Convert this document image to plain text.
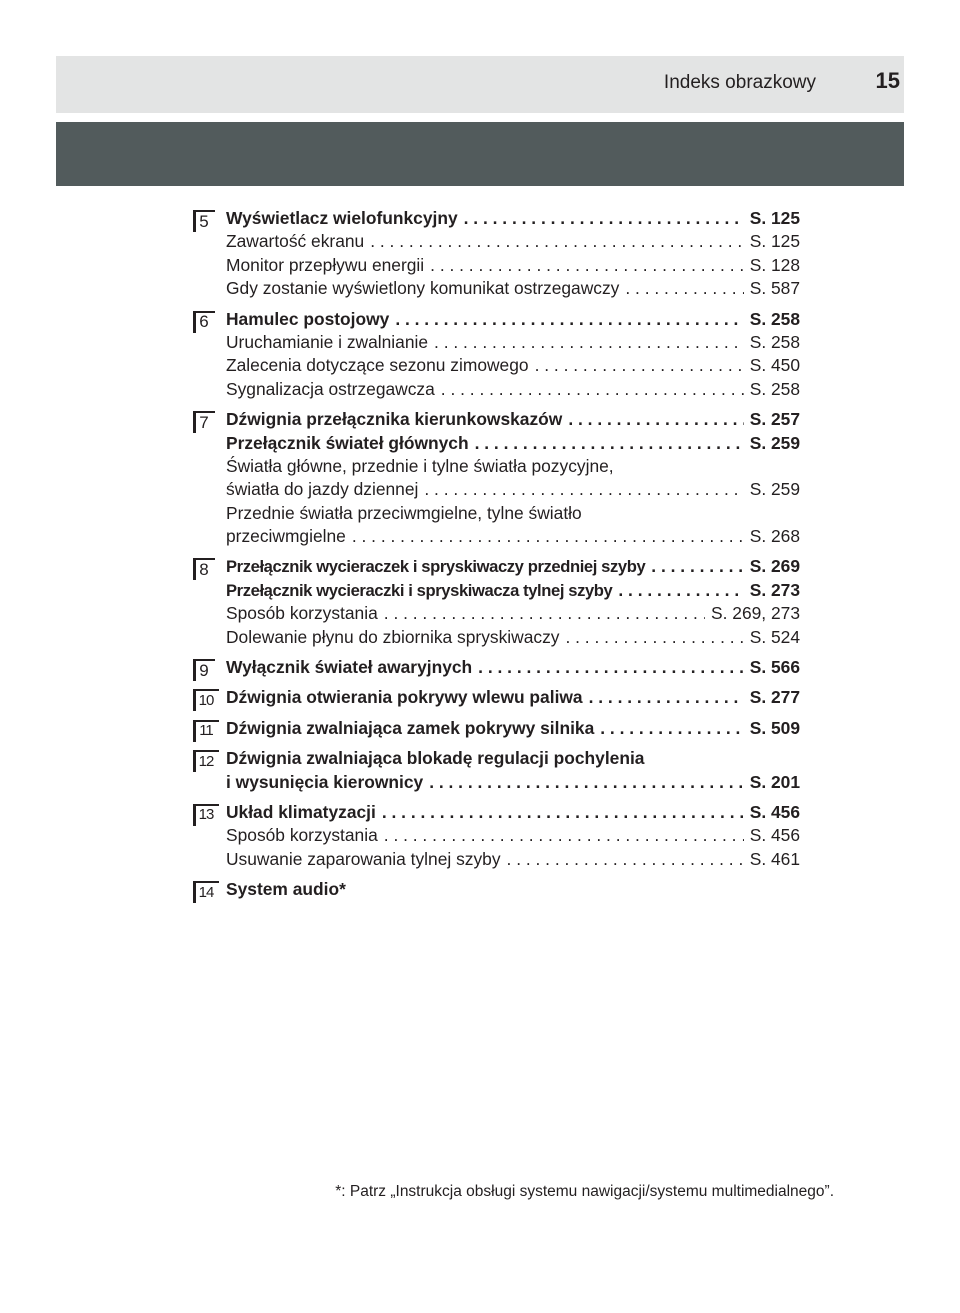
Indeks obrazkowy	15
5 Wyświetlacz wielofunkcyjny . . .	S. 125
Zawartość ekranu . . .	S. 125
Monitor przepływu energii . . .	S. 128
Gdy zostanie wyświetlony komunikat ostrzegawczy . . .	S. 587
6 Hamulec postojowy . . .	S. 258
Uruchamianie i zwalnianie . . .	S. 258
Zalecenia dotyczące sezonu zimowego . . .	S. 450
Sygnalizacja ostrzegawcza . . .	S. 258
7 Dźwignia przełącznika kierunkowskazów . . .	S. 257
Przełącznik świateł głównych . . .	S. 259
Światła główne, przednie i tylne światła pozycyjne,
światła do jazdy dziennej . . .	S. 259
Przednie światła przeciwmgielne, tylne światło
przeciwmgielne . . .	S. 268
8	Przełącznik wycieraczek i spryskiwaczy przedniej szyby . . .	S. 269
Przełącznik wycieraczki i spryskiwacza tylnej szyby . . .	S. 273
Sposób korzystania . . .	S. 269, 273
Dolewanie płynu do zbiornika spryskiwaczy . . .	S. 524
9 Wyłącznik świateł awaryjnych . . .	S. 566
10 Dźwignia otwierania pokrywy wlewu paliwa . . .	S. 277
11 Dźwignia zwalniająca zamek pokrywy silnika . . .	S. 509
12 Dźwignia zwalniająca blokadę regulacji pochylenia
i wysunięcia kierownicy . . .	S. 201
13 Układ klimatyzacji . . .	S. 456
Sposób korzystania . . .	S. 456
Usuwanie zaparowania tylnej szyby . . .	S. 461
14 System audio*
*: Patrz „Instrukcja obsługi systemu nawigacji/systemu multimedialnego”.
